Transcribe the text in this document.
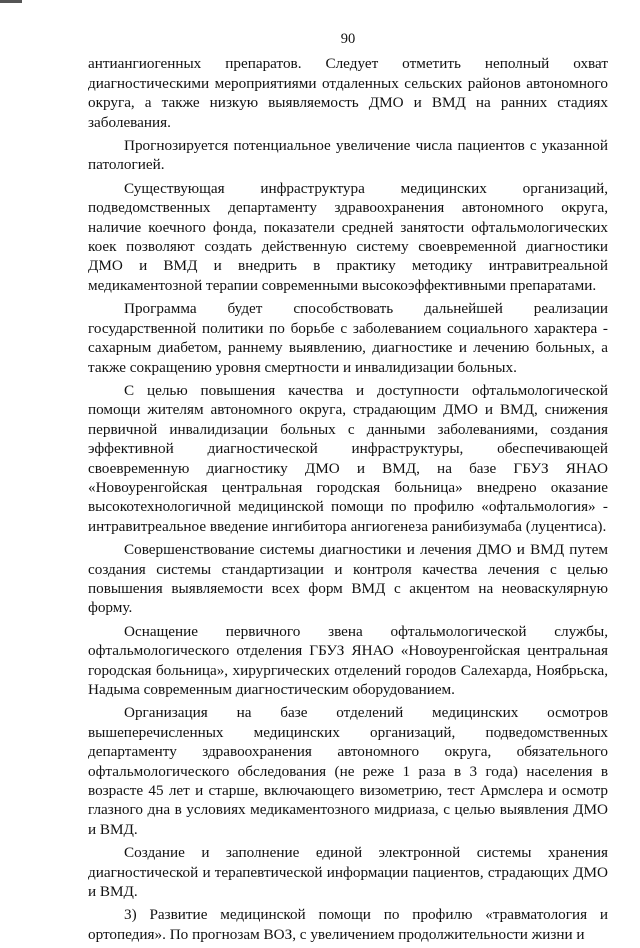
90

антиангиогенных препаратов. Следует отметить неполный охват диагностическими мероприятиями отдаленных сельских районов автономного округа, а также низкую выявляемость ДМО и ВМД на ранних стадиях заболевания.

Прогнозируется потенциальное увеличение числа пациентов с указанной патологией.

Существующая инфраструктура медицинских организаций, подведомственных департаменту здравоохранения автономного округа, наличие коечного фонда, показатели средней занятости офтальмологических коек позволяют создать действенную систему своевременной диагностики ДМО и ВМД и внедрить в практику методику интравитреальной медикаментозной терапии современными высокоэффективными препаратами.

Программа будет способствовать дальнейшей реализации государственной политики по борьбе с заболеванием социального характера - сахарным диабетом, раннему выявлению, диагностике и лечению больных, а также сокращению уровня смертности и инвалидизации больных.

С целью повышения качества и доступности офтальмологической помощи жителям автономного округа, страдающим ДМО и ВМД, снижения первичной инвалидизации больных с данными заболеваниями, создания эффективной диагностической инфраструктуры, обеспечивающей своевременную диагностику ДМО и ВМД, на базе ГБУЗ ЯНАО «Новоуренгойская центральная городская больница» внедрено оказание высокотехнологичной медицинской помощи по профилю «офтальмология» - интравитреальное введение ингибитора ангиогенеза ранибизумаба (луцентиса).

Совершенствование системы диагностики и лечения ДМО и ВМД путем создания системы стандартизации и контроля качества лечения с целью повышения выявляемости всех форм ВМД с акцентом на неоваскулярную форму.

Оснащение первичного звена офтальмологической службы, офтальмологического отделения ГБУЗ ЯНАО «Новоуренгойская центральная городская больница», хирургических отделений городов Салехарда, Ноябрьска, Надыма современным диагностическим оборудованием.

Организация на базе отделений медицинских осмотров вышеперечисленных медицинских организаций, подведомственных департаменту здравоохранения автономного округа, обязательного офтальмологического обследования (не реже 1 раза в 3 года) населения в возрасте 45 лет и старше, включающего визометрию, тест Армслера и осмотр глазного дна в условиях медикаментозного мидриаза, с целью выявления ДМО и ВМД.

Создание и заполнение единой электронной системы хранения диагностической и терапевтической информации пациентов, страдающих ДМО и ВМД.

3) Развитие медицинской помощи по профилю «травматология и ортопедия». По прогнозам ВОЗ, с увеличением продолжительности жизни и
